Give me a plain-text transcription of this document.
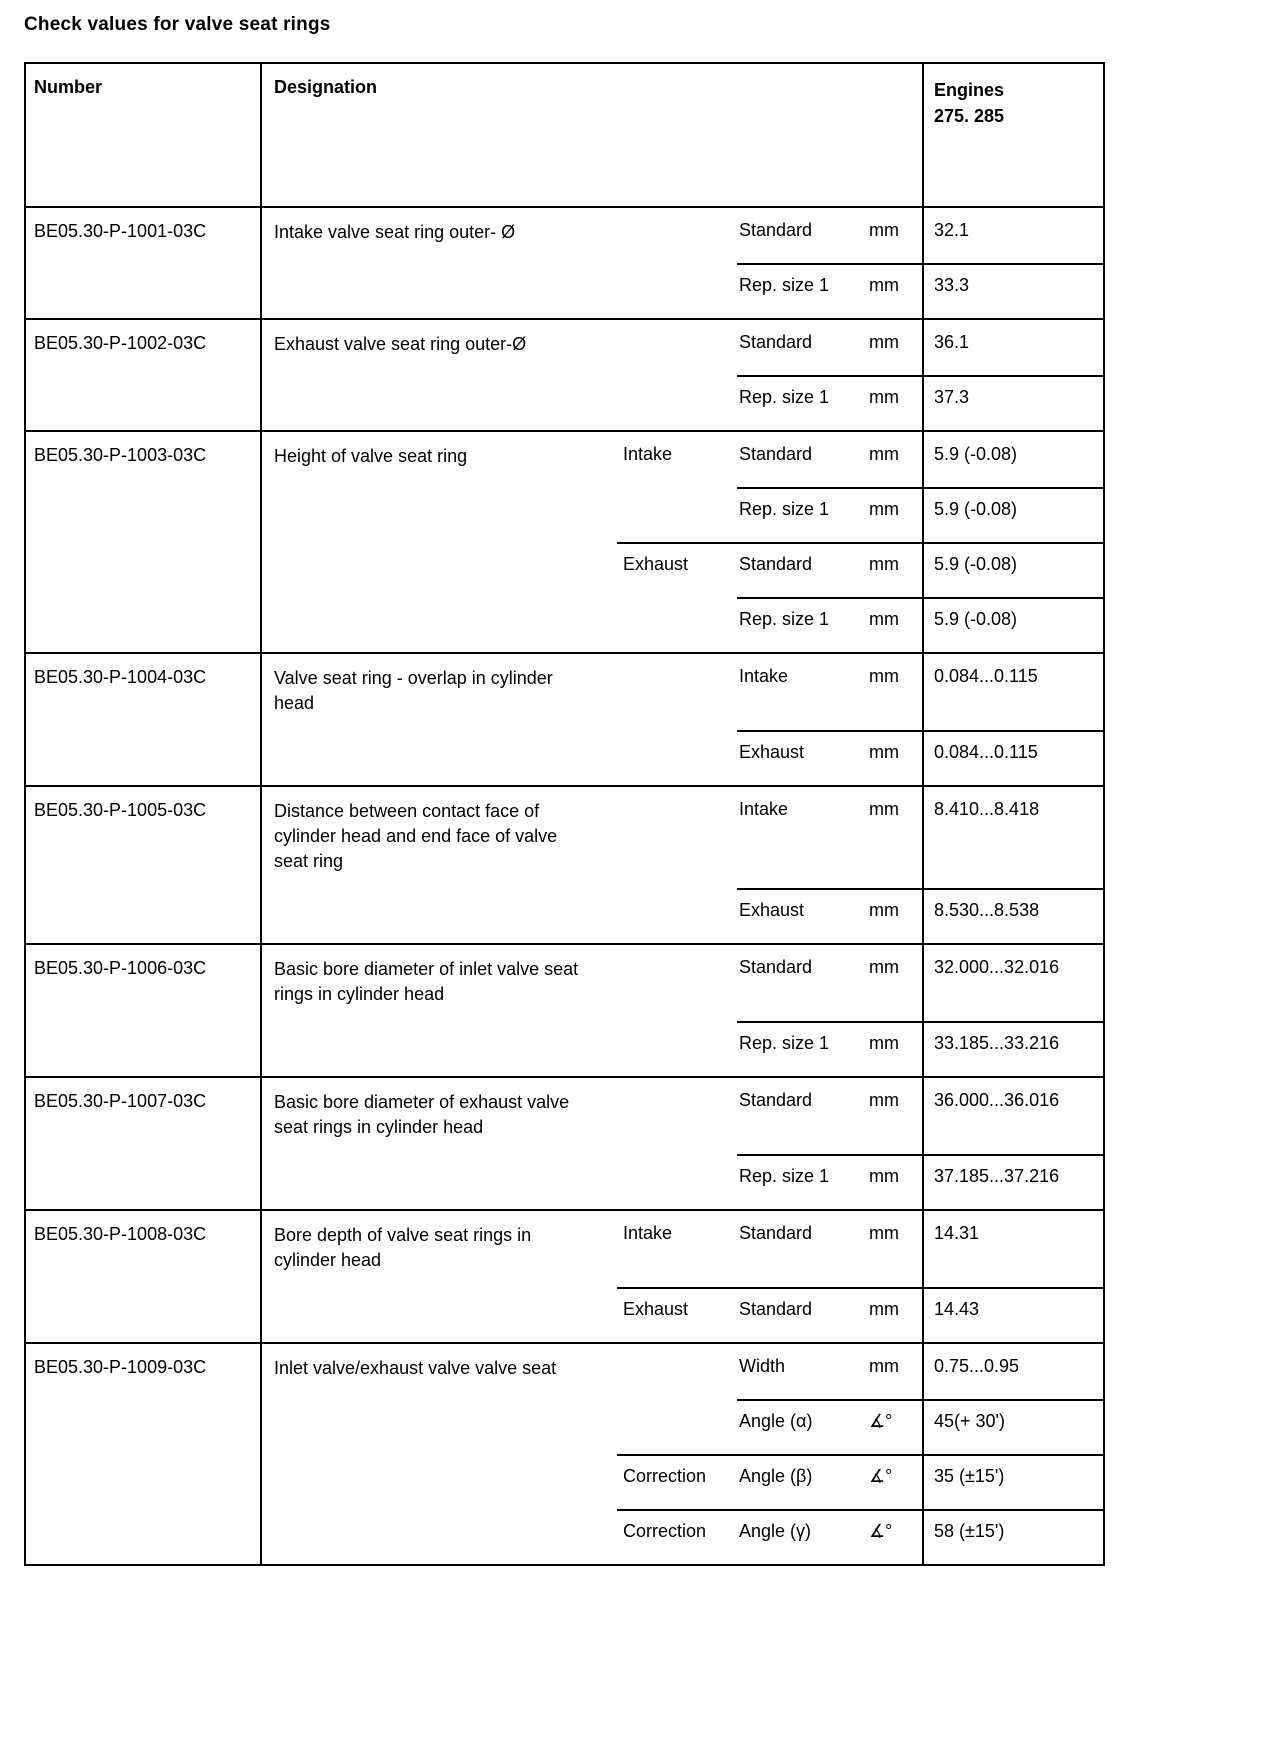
Check values for valve seat rings
Number	Designation	Engines
275. 285
BE05.30-P-1001-03C	Intake valve seat ring outer- Ø	Standard	mm	32.1
Rep. size 1	mm	33.3
BE05.30-P-1002-03C	Exhaust valve seat ring outer-Ø	Standard	mm	36.1
Rep. size 1	mm	37.3
BE05.30-P-1003-03C	Height of valve seat ring	Intake	Standard	mm	5.9 (-0.08)
Rep. size 1	mm	5.9 (-0.08)
Exhaust	Standard	mm	5.9 (-0.08)
Rep. size 1	mm	5.9 (-0.08)
BE05.30-P-1004-03C	Valve seat ring - overlap in cylinder head
Intake	mm	0.084...0.115
Exhaust	mm	0.084...0.115
BE05.30-P-1005-03C	Distance between contact face of cylinder head and end face of valve seat ring
Intake	mm	8.410...8.418
Exhaust	mm	8.530...8.538
BE05.30-P-1006-03C	Basic bore diameter of inlet valve seat rings in cylinder head
Standard	mm	32.000...32.016
Rep. size 1	mm	33.185...33.216
BE05.30-P-1007-03C	Basic bore diameter of exhaust valve seat rings in cylinder head
Standard	mm	36.000...36.016
Rep. size 1	mm	37.185...37.216
BE05.30-P-1008-03C	Bore depth of valve seat rings in cylinder head
Intake	Standard	mm	14.31
Exhaust	Standard	mm	14.43
BE05.30-P-1009-03C	Inlet valve/exhaust valve valve seat	Width	mm	0.75...0.95
Angle (α)	∡°	45(+ 30')
Correction	Angle (β)	∡°	35 (±15')
Correction	Angle (γ)	∡°	58 (±15')
